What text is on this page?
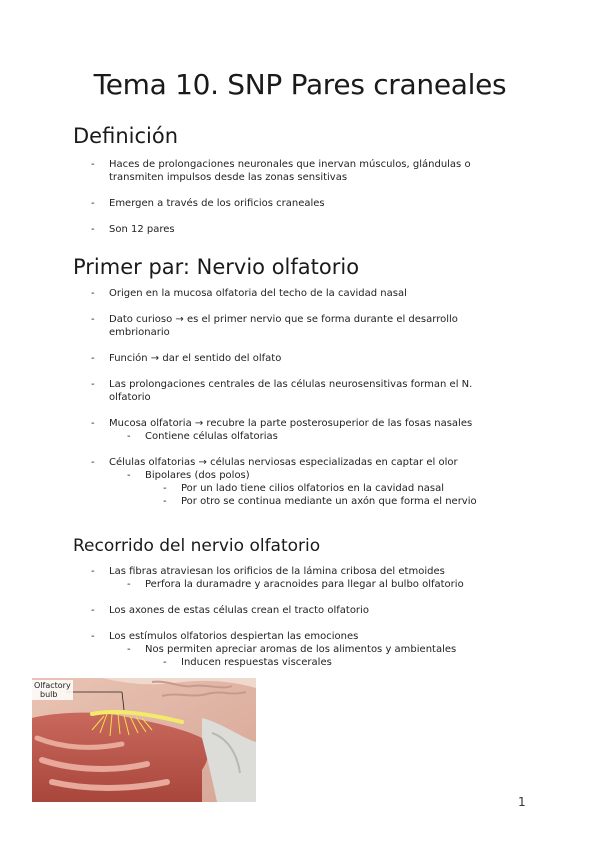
Tema 10. SNP Pares craneales
Definición
- Haces de prolongaciones neuronales que inervan músculos, glándulas o transmiten impulsos desde las zonas sensitivas
- Emergen a través de los orificios craneales
- Son 12 pares
Primer par: Nervio olfatorio
- Origen en la mucosa olfatoria del techo de la cavidad nasal
- Dato curioso → es el primer nervio que se forma durante el desarrollo embrionario
- Función → dar el sentido del olfato
- Las prolongaciones centrales de las células neurosensitivas forman el N. olfatorio
- Mucosa olfatoria → recubre la parte posterosuperior de las fosas nasales
- Contiene células olfatorias
- Células olfatorias → células nerviosas especializadas en captar el olor
- Bipolares (dos polos)
- Por un lado tiene cilios olfatorios en la cavidad nasal
- Por otro se continua mediante un axón que forma el nervio
Recorrido del nervio olfatorio
- Las fibras atraviesan los orificios de la lámina cribosa del etmoides
- Perfora la duramadre y aracnoides para llegar al bulbo olfatorio
- Los axones de estas células crean el tracto olfatorio
- Los estímulos olfatorios despiertan las emociones
- Nos permiten apreciar aromas de los alimentos y ambientales
- Inducen respuestas viscerales
Olfactory
bulb
1
